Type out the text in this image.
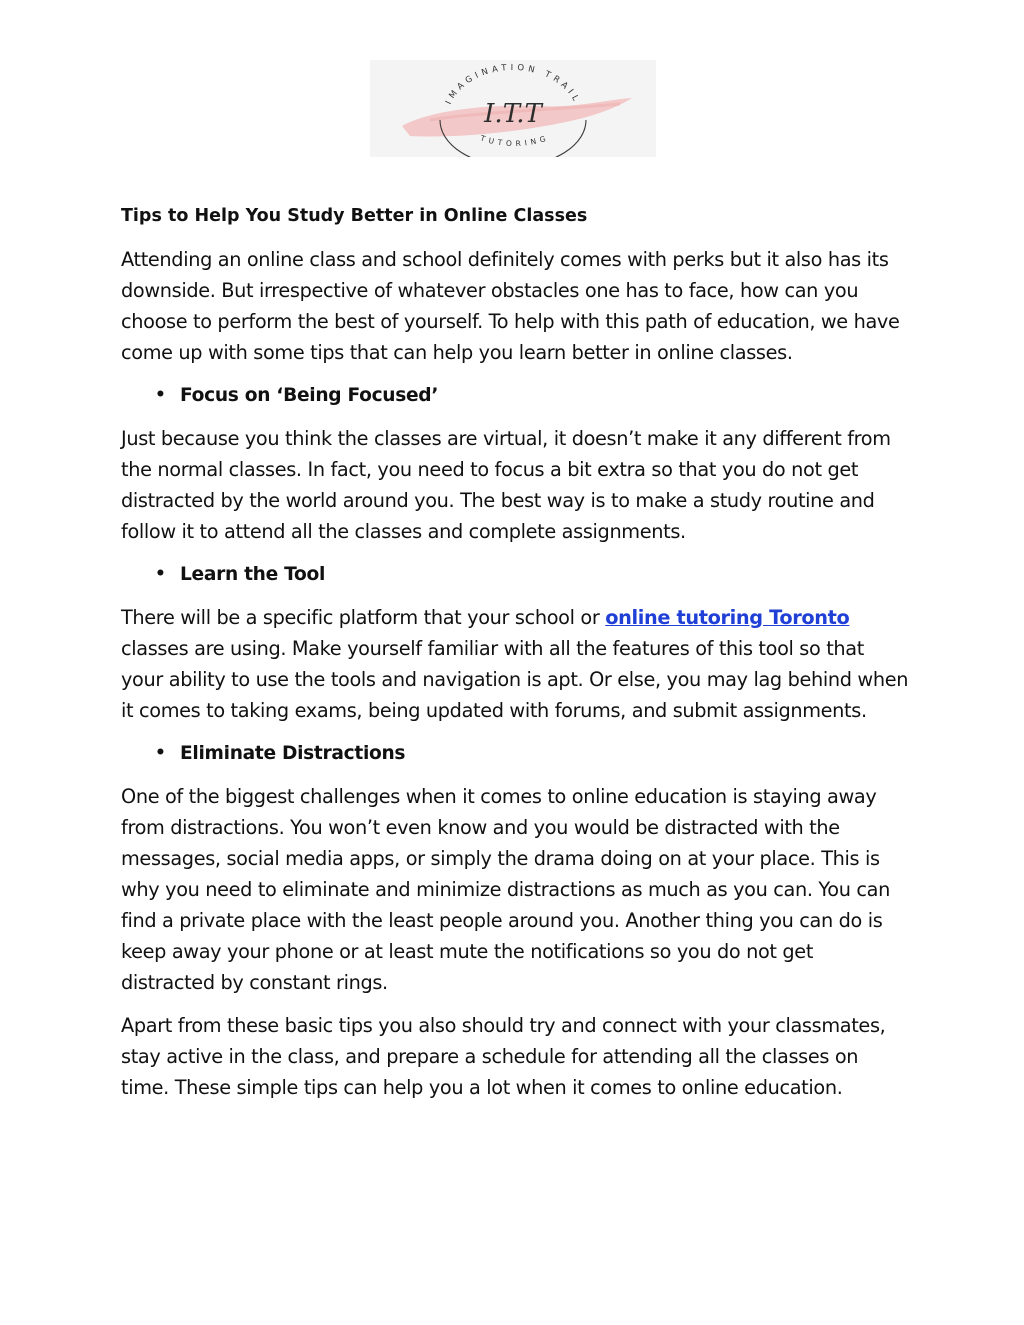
IMAGINATION TRAIL
TUTORING
I.T.T
Tips to Help You Study Better in Online Classes

Attending an online class and school definitely comes with perks but it also has its downside. But irrespective of whatever obstacles one has to face, how can you choose to perform the best of yourself. To help with this path of education, we have come up with some tips that can help you learn better in online classes.

• Focus on ‘Being Focused’

Just because you think the classes are virtual, it doesn’t make it any different from the normal classes. In fact, you need to focus a bit extra so that you do not get distracted by the world around you. The best way is to make a study routine and follow it to attend all the classes and complete assignments.

• Learn the Tool

There will be a specific platform that your school or online tutoring Toronto classes are using. Make yourself familiar with all the features of this tool so that your ability to use the tools and navigation is apt. Or else, you may lag behind when it comes to taking exams, being updated with forums, and submit assignments.

• Eliminate Distractions

One of the biggest challenges when it comes to online education is staying away from distractions. You won’t even know and you would be distracted with the messages, social media apps, or simply the drama doing on at your place. This is why you need to eliminate and minimize distractions as much as you can. You can find a private place with the least people around you. Another thing you can do is keep away your phone or at least mute the notifications so you do not get distracted by constant rings.

Apart from these basic tips you also should try and connect with your classmates, stay active in the class, and prepare a schedule for attending all the classes on time. These simple tips can help you a lot when it comes to online education.
